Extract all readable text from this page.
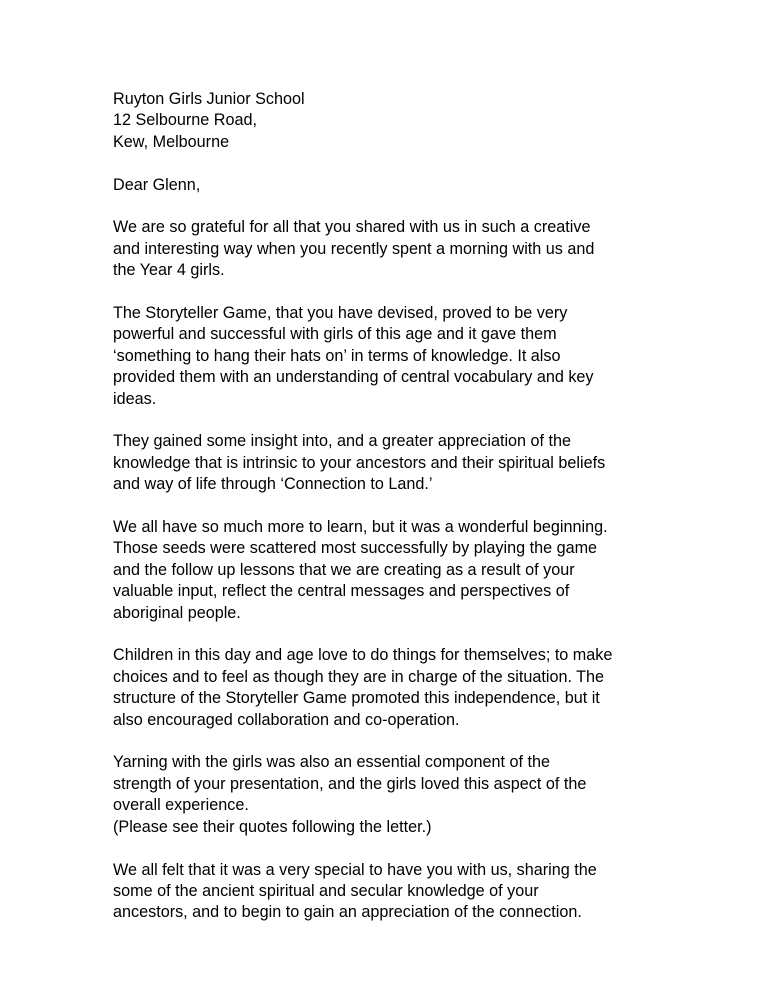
Ruyton Girls Junior School
12 Selbourne Road,
Kew, Melbourne

Dear Glenn,

We are so grateful for all that you shared with us in such a creative
and interesting way when you recently spent a morning with us and
the Year 4 girls.

The Storyteller Game, that you have devised, proved to be very
powerful and successful with girls of this age and it gave them
‘something to hang their hats on’ in terms of knowledge. It also
provided them with an understanding of central vocabulary and key
ideas.

They gained some insight into, and a greater appreciation of the
knowledge that is intrinsic to your ancestors and their spiritual beliefs
and way of life through ‘Connection to Land.’

We all have so much more to learn, but it was a wonderful beginning.
Those seeds were scattered most successfully by playing the game
and the follow up lessons that we are creating as a result of your
valuable input, reflect the central messages and perspectives of
aboriginal people.

Children in this day and age love to do things for themselves; to make
choices and to feel as though they are in charge of the situation. The
structure of the Storyteller Game promoted this independence, but it
also encouraged collaboration and co-operation.

Yarning with the girls was also an essential component of the
strength of your presentation, and the girls loved this aspect of the
overall experience.
(Please see their quotes following the letter.)

We all felt that it was a very special to have you with us, sharing the
some of the ancient spiritual and secular knowledge of your
ancestors, and to begin to gain an appreciation of the connection.
